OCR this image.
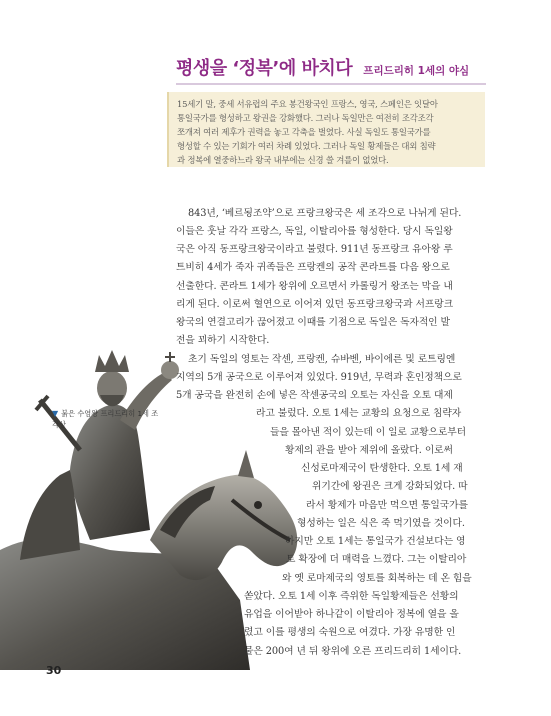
평생을 ‘정복’에 바치다 프리드리히 1세의 야심
15세기 말, 중세 서유럽의 주요 봉건왕국인 프랑스, 영국, 스페인은 잇달아
통일국가를 형성하고 왕권을 강화했다. 그러나 독일만은 여전히 조각조각
쪼개져 여러 제후가 권력을 놓고 각축을 벌였다. 사실 독일도 통일국가를
형성할 수 있는 기회가 여러 차례 있었다. 그러나 독일 황제들은 대외 침략
과 정복에 열중하느라 왕국 내부에는 신경 쓸 겨를이 없었다.
843년, ‘베르됭조약’으로 프랑크왕국은 세 조각으로 나뉘게 된다.
이들은 훗날 각각 프랑스, 독일, 이탈리아를 형성한다. 당시 독일왕
국은 아직 동프랑크왕국이라고 불렸다. 911년 동프랑크 유아왕 루
트비히 4세가 죽자 귀족들은 프랑켄의 공작 콘라트를 다음 왕으로
선출한다. 콘라트 1세가 왕위에 오르면서 카롤링거 왕조는 막을 내
리게 된다. 이로써 혈연으로 이어져 있던 동프랑크왕국과 서프랑크
왕국의 연결고리가 끊어졌고 이때를 기점으로 독일은 독자적인 발
전을 꾀하기 시작한다.
초기 독일의 영토는 작센, 프랑켄, 슈바벤, 바이에른 및 로트링엔
지역의 5개 공국으로 이루어져 있었다. 919년, 무력과 혼인정책으로
5개 공국을 완전히 손에 넣은 작센공국의 오토는 자신을 오토 대제
라고 불렀다. 오토 1세는 교황의 요청으로 침략자
들을 몰아낸 적이 있는데 이 일로 교황으로부터
황제의 관을 받아 제위에 올랐다. 이로써
신성로마제국이 탄생한다. 오토 1세 재
위기간에 왕권은 크게 강화되었다. 따
라서 황제가 마음만 먹으면 통일국가를
형성하는 일은 식은 죽 먹기였을 것이다.
하지만 오토 1세는 통일국가 건설보다는 영
토 확장에 더 매력을 느꼈다. 그는 이탈리아
와 옛 로마제국의 영토를 회복하는 데 온 힘을
쏟았다. 오토 1세 이후 즉위한 독일황제들은 선황의
유업을 이어받아 하나같이 이탈리아 정복에 열을 올
렸고 이를 평생의 숙원으로 여겼다. 가장 유명한 인
물은 200여 년 뒤 왕위에 오른 프리드리히 1세이다.
▼ 붉은 수염왕 프리드리히 1세 조각상
30
